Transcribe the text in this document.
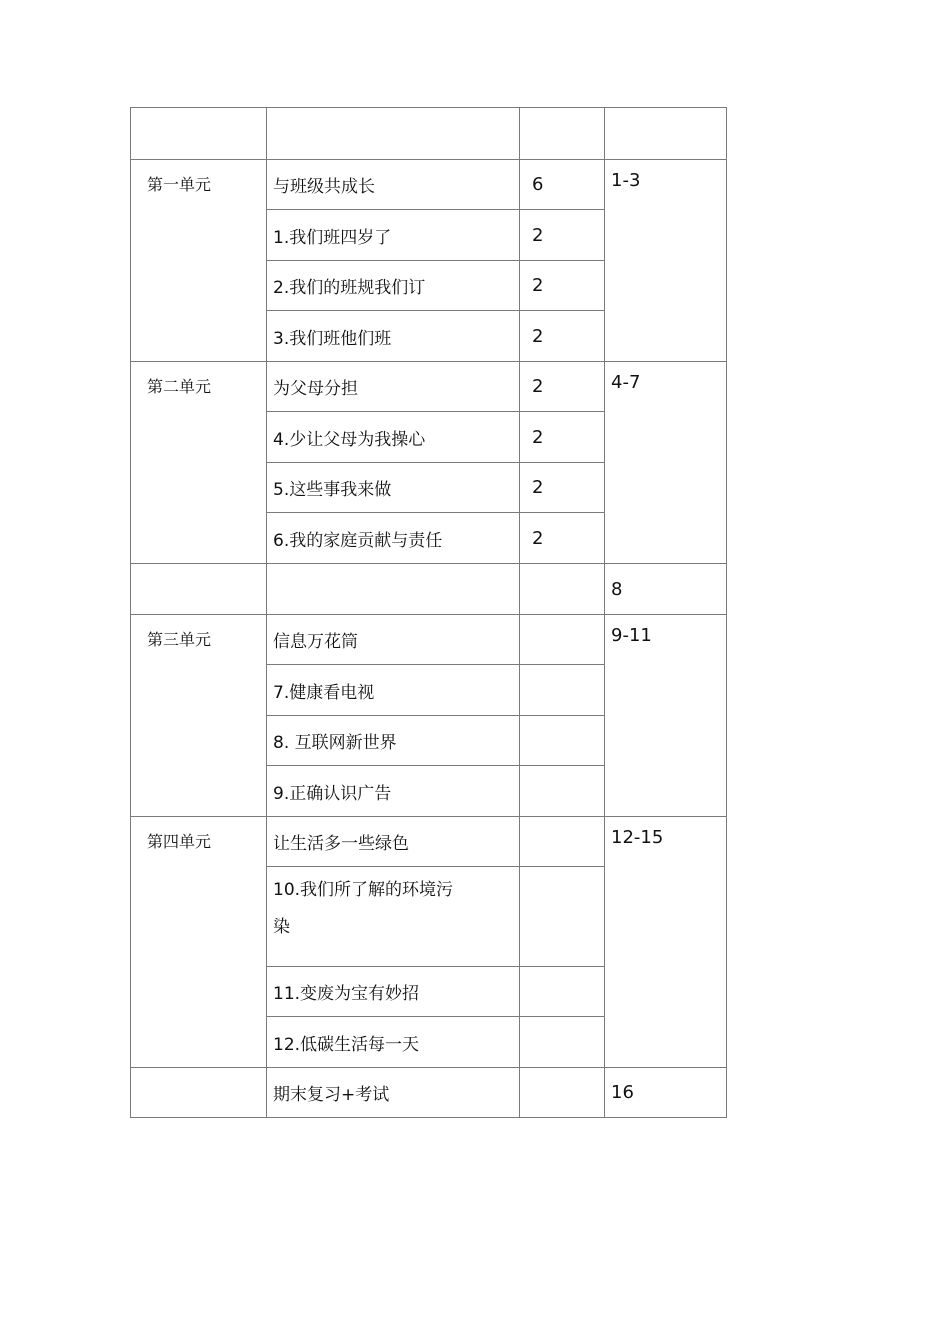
第一单元	与班级共成长	6	1-3
	1.我们班四岁了	2	
	2.我们的班规我们订	2	
	3.我们班他们班	2	
第二单元	为父母分担	2	4-7
	4.少让父母为我操心	2	
	5.这些事我来做	2	
	6.我的家庭贡献与责任	2	
			8
第三单元	信息万花筒		9-11
	7.健康看电视		
	8. 互联网新世界		
	9.正确认识广告		
第四单元	让生活多一些绿色		12-15

	10.我们所了解的环境污
染		

	11.变废为宝有妙招		
	12.低碳生活每一天		
	期末复习+考试		16
